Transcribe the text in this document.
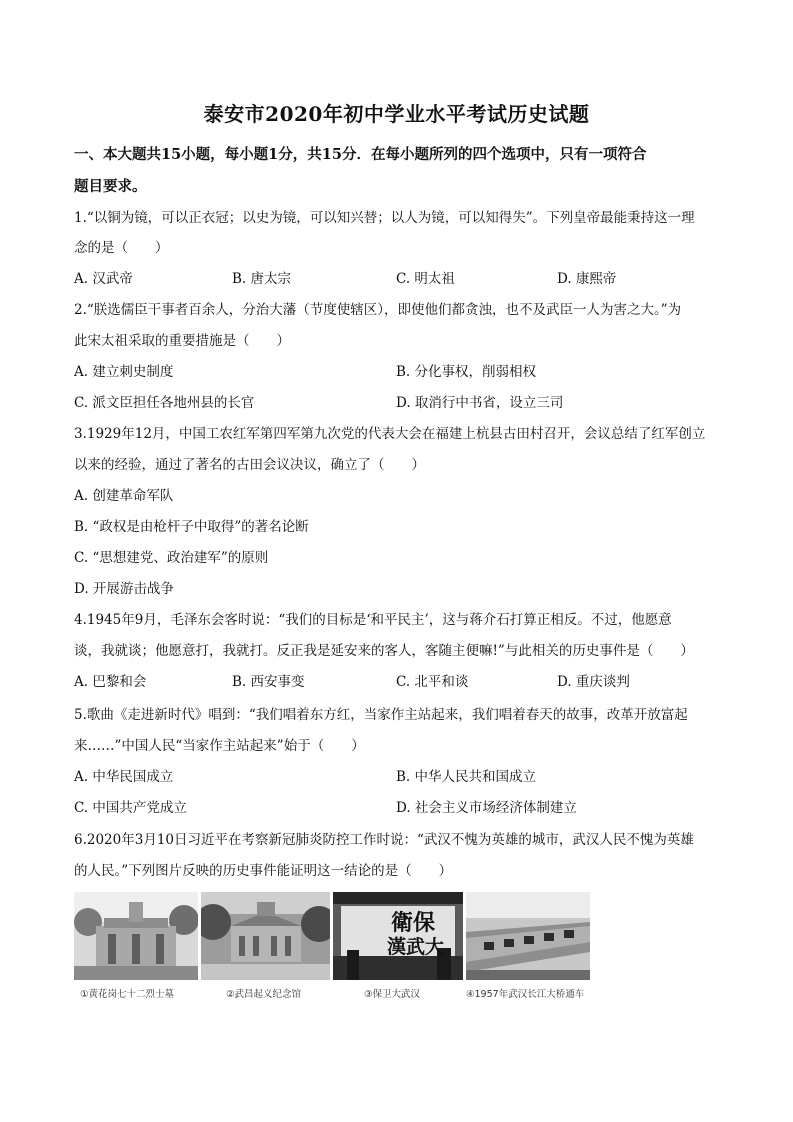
泰安市2020年初中学业水平考试历史试题
一、本大题共15小题，每小题1分，共15分．在每小题所列的四个选项中，只有一项符合
题目要求。
1.“以铜为镜，可以正衣冠；以史为镜，可以知兴替；以人为镜，可以知得失”。下列皇帝最能秉持这一理
念的是（　　）
A. 汉武帝	B. 唐太宗	C. 明太祖	D. 康熙帝
2.“朕选儒臣干事者百余人，分治大藩（节度使辖区），即使他们都贪浊，也不及武臣一人为害之大。”为
此宋太祖采取的重要措施是（　　）
A. 建立刺史制度	B. 分化事权，削弱相权
C. 派文臣担任各地州县的长官	D. 取消行中书省，设立三司
3.1929年12月，中国工农红军第四军第九次党的代表大会在福建上杭县古田村召开，会议总结了红军创立
以来的经验，通过了著名的古田会议决议，确立了（　　）
A. 创建革命军队
B. “政权是由枪杆子中取得”的著名论断
C. “思想建党、政治建军”的原则
D. 开展游击战争
4.1945年9月，毛泽东会客时说：“我们的目标是‘和平民主’，这与蒋介石打算正相反。不过，他愿意
谈，我就谈；他愿意打，我就打。反正我是延安来的客人，客随主便嘛!”与此相关的历史事件是（　　）
A. 巴黎和会	B. 西安事变	C. 北平和谈	D. 重庆谈判
5.歌曲《走进新时代》唱到：“我们唱着东方红，当家作主站起来，我们唱着春天的故事，改革开放富起
来……”中国人民“当家作主站起来”始于（　　）
A. 中华民国成立	B. 中华人民共和国成立
C. 中国共产党成立	D. 社会主义市场经济体制建立
6.2020年3月10日习近平在考察新冠肺炎防控工作时说：“武汉不愧为英雄的城市，武汉人民不愧为英雄
的人民。”下列图片反映的历史事件能证明这一结论的是（　　）
①黄花岗七十二烈士墓	②武昌起义纪念馆
衛保
漢武大
③保卫大武汉	④1957年武汉长江大桥通车
